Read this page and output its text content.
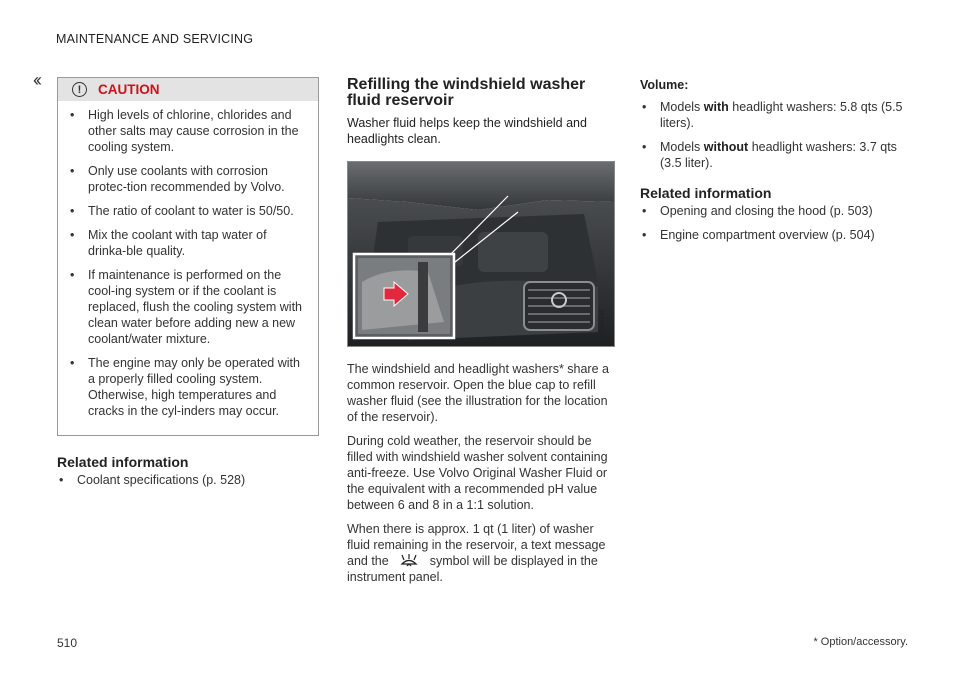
MAINTENANCE AND SERVICING
‹‹	!	CAUTION
• High levels of chlorine, chlorides and other salts may cause corrosion in the cooling system.
• Only use coolants with corrosion protec-tion recommended by Volvo.
• The ratio of coolant to water is 50/50.
• Mix the coolant with tap water of drinka-ble quality.
• If maintenance is performed on the cool-ing system or if the coolant is replaced, flush the cooling system with clean water before adding new a new coolant/water mixture.
• The engine may only be operated with a properly filled cooling system. Otherwise, high temperatures and cracks in the cyl-inders may occur.
Related information
• Coolant specifications (p. 528)
Refilling the windshield washer fluid reservoir
Washer fluid helps keep the windshield and headlights clean.
G069746
The windshield and headlight washers* share a common reservoir. Open the blue cap to refill washer fluid (see the illustration for the location of the reservoir).
During cold weather, the reservoir should be filled with windshield washer solvent containing anti-freeze. Use Volvo Original Washer Fluid or the equivalent with a recommended pH value between 6 and 8 in a 1:1 solution.
When there is approx. 1 qt (1 liter) of washer fluid remaining in the reservoir, a text message and the	symbol will be displayed in the instrument panel.
Volume:
• Models with headlight washers: 5.8 qts (5.5 liters).
• Models without headlight washers: 3.7 qts (3.5 liter).
Related information
• Opening and closing the hood (p. 503)
• Engine compartment overview (p. 504)
510	* Option/accessory.
